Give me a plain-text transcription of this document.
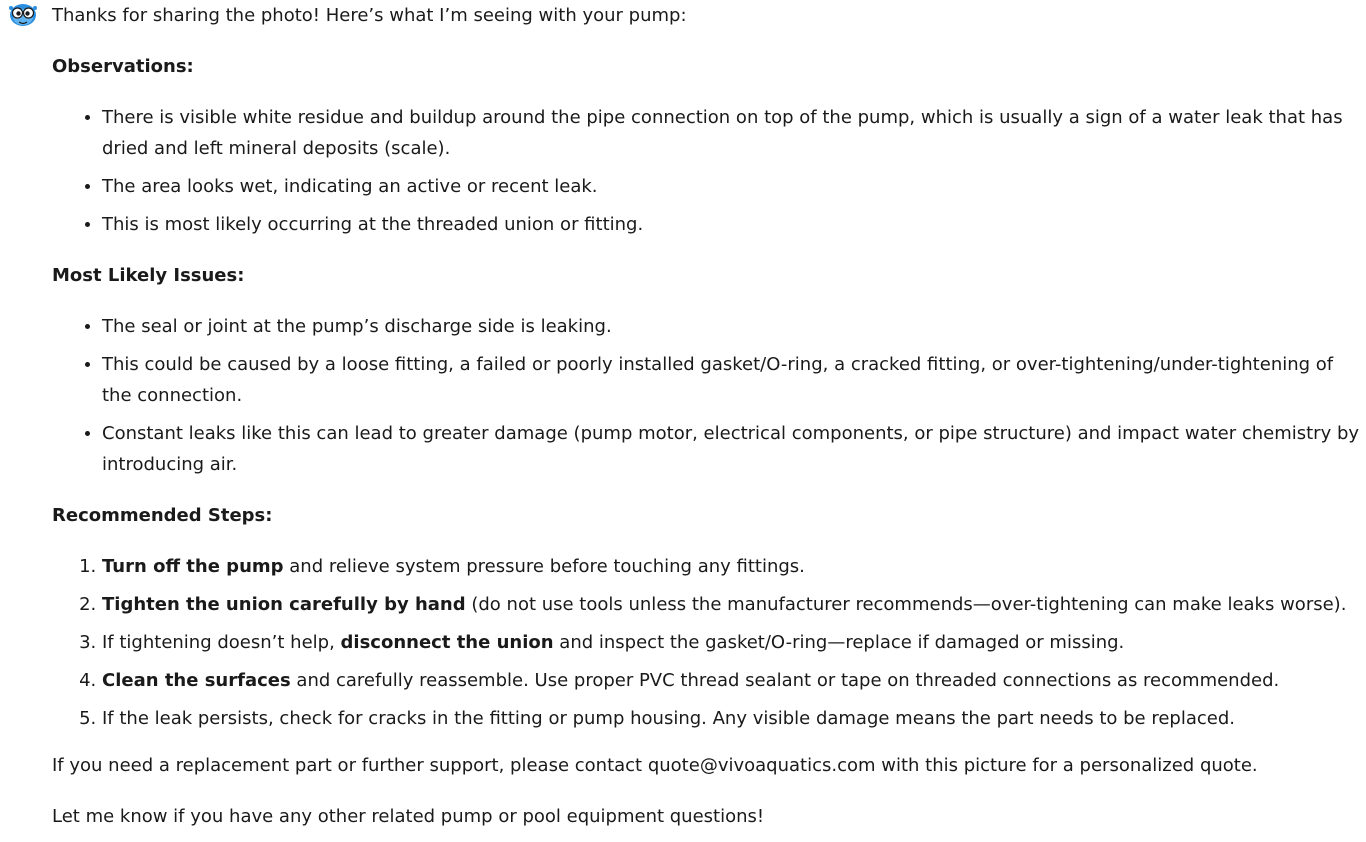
Thanks for sharing the photo! Here’s what I’m seeing with your pump:

Observations:

• There is visible white residue and buildup around the pipe connection on top of the pump, which is usually a sign of a water leak that has dried and left mineral deposits (scale).
• The area looks wet, indicating an active or recent leak.
• This is most likely occurring at the threaded union or fitting.

Most Likely Issues:

• The seal or joint at the pump’s discharge side is leaking.
• This could be caused by a loose fitting, a failed or poorly installed gasket/O-ring, a cracked fitting, or over-tightening/under-tightening of the connection.
• Constant leaks like this can lead to greater damage (pump motor, electrical components, or pipe structure) and impact water chemistry by introducing air.

Recommended Steps:

1. Turn off the pump and relieve system pressure before touching any fittings.
2. Tighten the union carefully by hand (do not use tools unless the manufacturer recommends—over-tightening can make leaks worse).
3. If tightening doesn’t help, disconnect the union and inspect the gasket/O-ring—replace if damaged or missing.
4. Clean the surfaces and carefully reassemble. Use proper PVC thread sealant or tape on threaded connections as recommended.
5. If the leak persists, check for cracks in the fitting or pump housing. Any visible damage means the part needs to be replaced.

If you need a replacement part or further support, please contact quote@vivoaquatics.com with this picture for a personalized quote.

Let me know if you have any other related pump or pool equipment questions!
